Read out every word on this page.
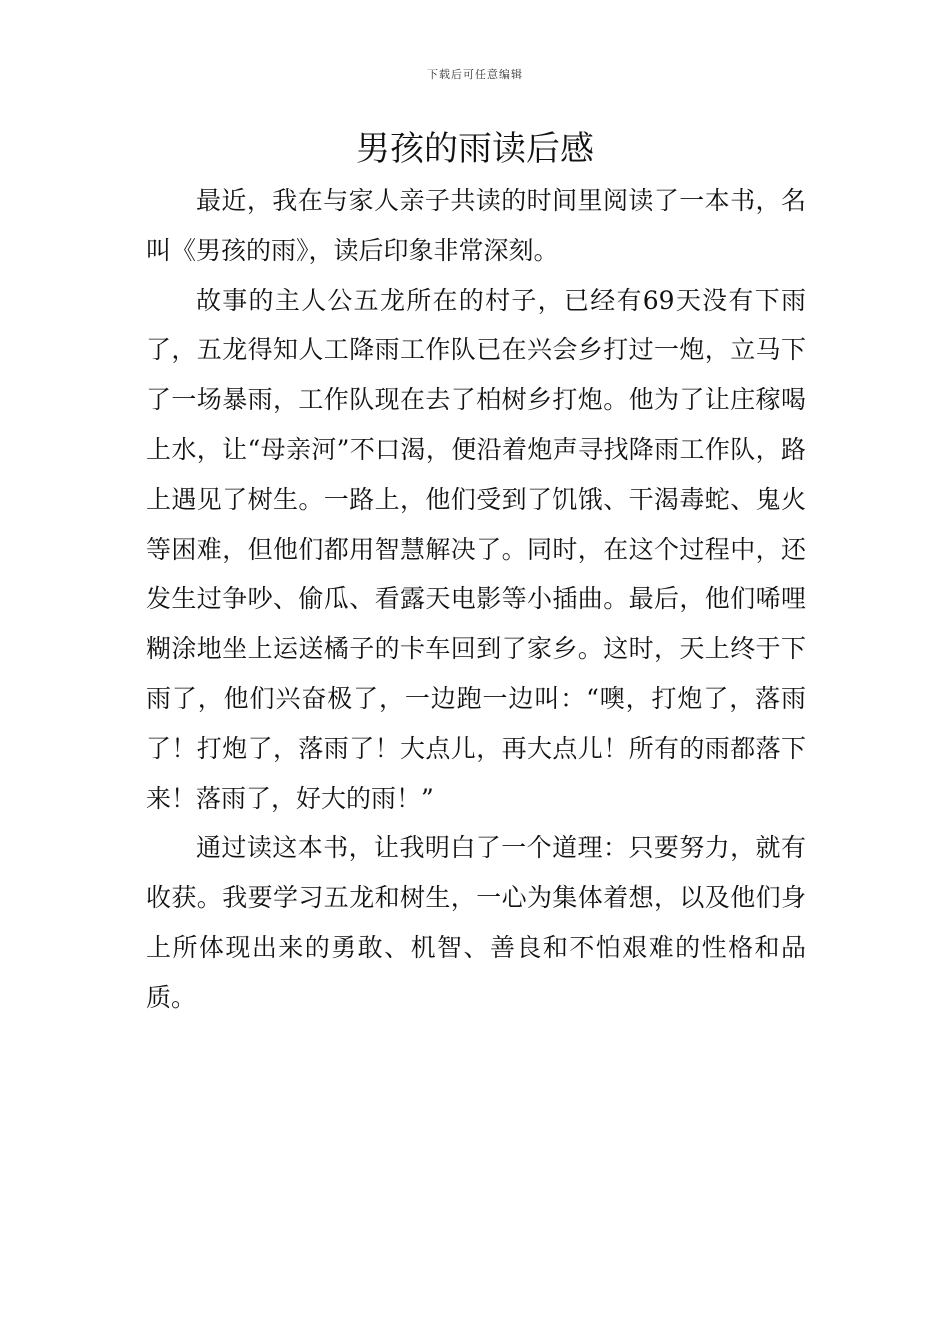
下载后可任意编辑
男孩的雨读后感

最近，我在与家人亲子共读的时间里阅读了一本书，名叫《男孩的雨》，读后印象非常深刻。

故事的主人公五龙所在的村子，已经有69天没有下雨了，五龙得知人工降雨工作队已在兴会乡打过一炮，立马下了一场暴雨，工作队现在去了柏树乡打炮。他为了让庄稼喝上水，让“母亲河”不口渴，便沿着炮声寻找降雨工作队，路上遇见了树生。一路上，他们受到了饥饿、干渴毒蛇、鬼火等困难，但他们都用智慧解决了。同时，在这个过程中，还发生过争吵、偷瓜、看露天电影等小插曲。最后，他们唏哩糊涂地坐上运送橘子的卡车回到了家乡。这时，天上终于下雨了，他们兴奋极了，一边跑一边叫：“噢，打炮了，落雨了！打炮了，落雨了！大点儿，再大点儿！所有的雨都落下来！落雨了，好大的雨！”

通过读这本书，让我明白了一个道理：只要努力，就有收获。我要学习五龙和树生，一心为集体着想，以及他们身上所体现出来的勇敢、机智、善良和不怕艰难的性格和品质。
